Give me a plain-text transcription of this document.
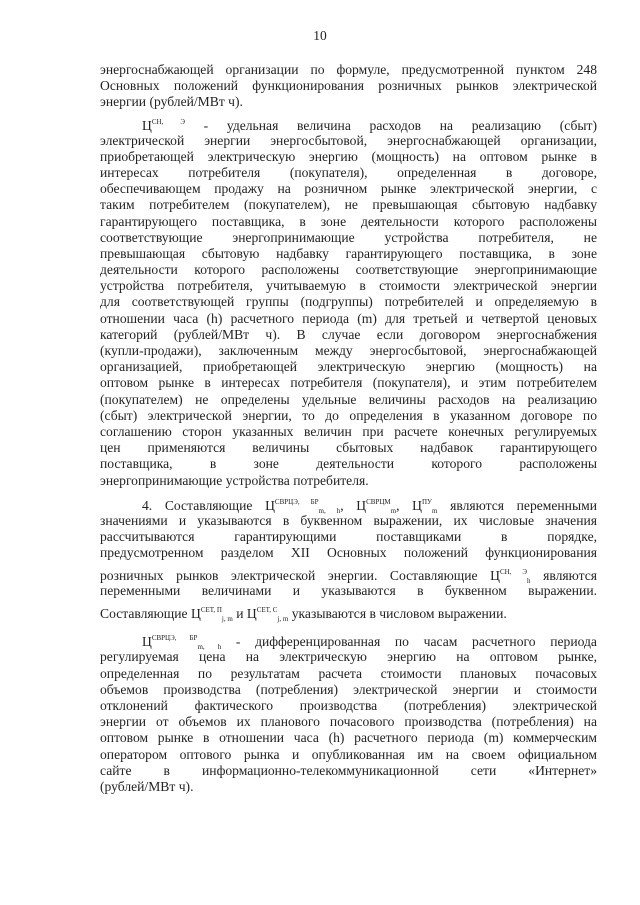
10
энергоснабжающей организации по формуле, предусмотренной пунктом 248
Основных положений функционирования розничных рынков электрической
энергии (рублей/МВт ч).
$Ц^{СН, Э}$ - удельная величина расходов на реализацию (сбыт)
электрической энергии энергосбытовой, энергоснабжающей организации,
приобретающей электрическую энергию (мощность) на оптовом рынке в
интересах потребителя (покупателя), определенная в договоре,
обеспечивающем продажу на розничном рынке электрической энергии, с
таким потребителем (покупателем), не превышающая сбытовую надбавку
гарантирующего поставщика, в зоне деятельности которого расположены
соответствующие энергопринимающие устройства потребителя, не
превышающая сбытовую надбавку гарантирующего поставщика, в зоне
деятельности которого расположены соответствующие энергопринимающие
устройства потребителя, учитываемую в стоимости электрической энергии
для соответствующей группы (подгруппы) потребителей и определяемую в
отношении часа (h) расчетного периода (m) для третьей и четвертой ценовых
категорий (рублей/МВт ч). В случае если договором энергоснабжения
(купли-продажи), заключенным между энергосбытовой, энергоснабжающей
организацией, приобретающей электрическую энергию (мощность) на
оптовом рынке в интересах потребителя (покупателя), и этим потребителем
(покупателем) не определены удельные величины расходов на реализацию
(сбыт) электрической энергии, то до определения в указанном договоре по
соглашению сторон указанных величин при расчете конечных регулируемых
цен применяются величины сбытовых надбавок гарантирующего
поставщика, в зоне деятельности которого расположены
энергопринимающие устройства потребителя.
4. Составляющие $Ц^{СВРЦЭ, БР}_{m, h}$, $Ц^{СВРЦМ}_m$, $Ц^{ПУ}_m$ являются переменными
значениями и указываются в буквенном выражении, их числовые значения
рассчитываются гарантирующими поставщиками в порядке,
предусмотренном разделом XII Основных положений функционирования
розничных рынков электрической энергии. Составляющие $Ц^{СН, Э}_h$ являются
переменными величинами и указываются в буквенном выражении.
Составляющие $Ц^{СЕТ, П}_{j, m}$ и $Ц^{СЕТ, С}_{j, m}$ указываются в числовом выражении.
$Ц^{СВРЦЭ, БР}_{m, h}$ - дифференцированная по часам расчетного периода
регулируемая цена на электрическую энергию на оптовом рынке,
определенная по результатам расчета стоимости плановых почасовых
объемов производства (потребления) электрической энергии и стоимости
отклонений фактического производства (потребления) электрической
энергии от объемов их планового почасового производства (потребления) на
оптовом рынке в отношении часа (h) расчетного периода (m) коммерческим
оператором оптового рынка и опубликованная им на своем официальном
сайте в информационно-телекоммуникационной сети «Интернет»
(рублей/МВт ч).
